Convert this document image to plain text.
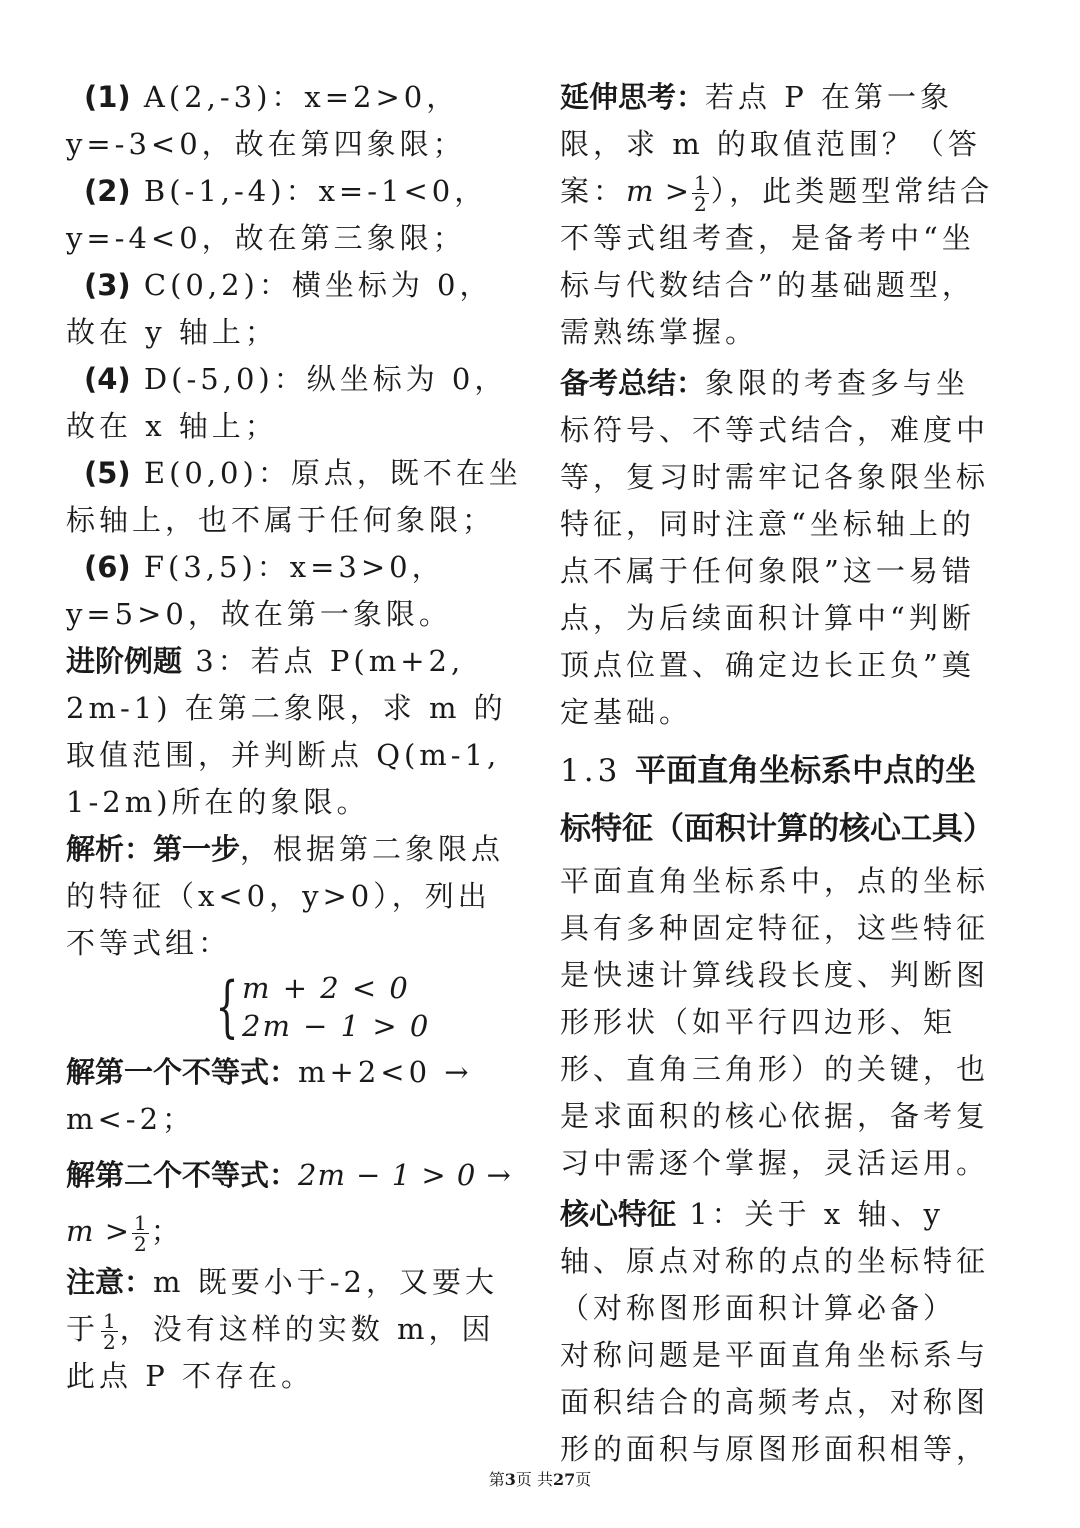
(1) A(2,-3)：x=2>0，y=-3<0，故在第四象限；

(2) B(-1,-4)：x=-1<0，y=-4<0，故在第三象限；

(3) C(0,2)：横坐标为 0，故在 y 轴上；

(4) D(-5,0)：纵坐标为 0，故在 x 轴上；

(5) E(0,0)：原点，既不在坐标轴上，也不属于任何象限；

(6) F(3,5)：x=3>0，y=5>0，故在第一象限。

进阶例题 3：若点 P(m+2, 2m-1) 在第二象限，求 m 的取值范围，并判断点 Q(m-1, 1-2m)所在的象限。

解析：第一步，根据第二象限点的特征（x<0，y>0），列出不等式组：

{ m + 2 < 0
2m − 1 > 0

解第一个不等式：m+2<0 → m<-2；

解第二个不等式：$2m - 1 > 0 \to m > \frac{1}{2}$ ；

注意：m 既要小于-2，又要大于 $\frac{1}{2}$ ，没有这样的实数 m，因此点 P 不存在。

延伸思考：若点 P 在第一象限，求 m 的取值范围？（答案：$m > \frac{1}{2}$ ），此类题型常结合不等式组考查，是备考中“坐标与代数结合”的基础题型，需熟练掌握。

备考总结：象限的考查多与坐标符号、不等式结合，难度中等，复习时需牢记各象限坐标特征，同时注意“坐标轴上的点不属于任何象限”这一易错点，为后续面积计算中“判断顶点位置、确定边长正负”奠定基础。

1.3 平面直角坐标系中点的坐标特征（面积计算的核心工具）

平面直角坐标系中，点的坐标具有多种固定特征，这些特征是快速计算线段长度、判断图形形状（如平行四边形、矩形、直角三角形）的关键，也是求面积的核心依据，备考复习中需逐个掌握，灵活运用。

核心特征 1：关于 x 轴、y 轴、原点对称的点的坐标特征（对称图形面积计算必备）

对称问题是平面直角坐标系与面积结合的高频考点，对称图形的面积与原图形面积相等，

第3页 共27页
